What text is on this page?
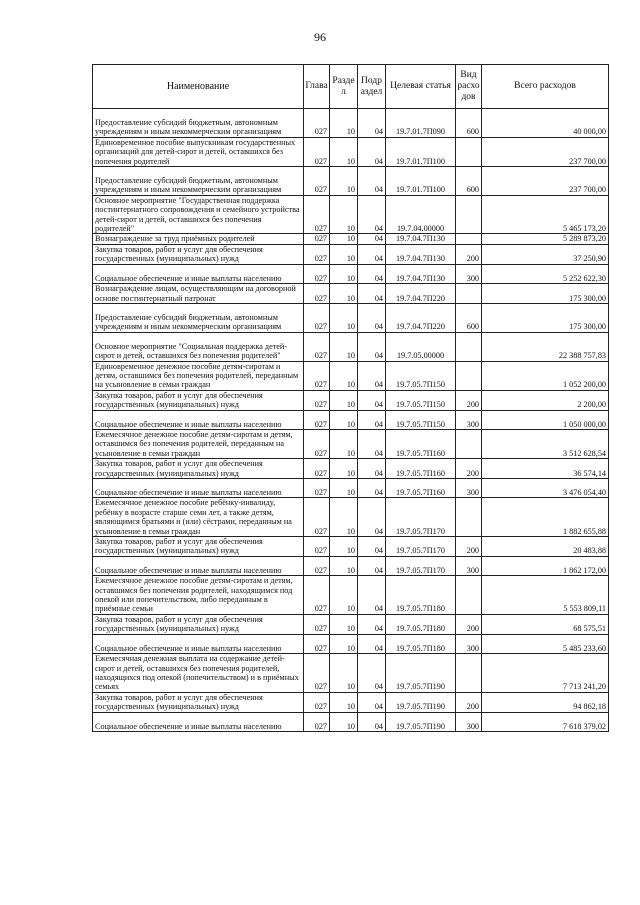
96
Наименование	Глава	Разде л	Подр аздел	Целевая статья	Вид расхо дов	Всего расходов
Предоставление субсидий бюджетным, автономным учреждениям и иным некоммерческим организациям	027	10	04	19.7.01.7П090	600	40 000,00
Единовременное пособие выпускникам государственных организаций для детей-сирот и детей, оставшихся без попечения родителей	027	10	04	19.7.01.7П100		237 700,00
Предоставление субсидий бюджетным, автономным учреждениям и иным некоммерческим организациям	027	10	04	19.7.01.7П100	600	237 700,00
Основное мероприятие "Государственная поддержка постинтернатного сопровождения и семейного устройства детей-сирот и детей, оставшихся без попечения родителей"	027	10	04	19.7.04.00000		5 465 173,20
Вознаграждение за труд приёмных родителей	027	10	04	19.7.04.7П130		5 289 873,20
Закупка товаров, работ и услуг для обеспечения государственных (муниципальных) нужд	027	10	04	19.7.04.7П130	200	37 250,90
Социальное обеспечение и иные выплаты населению	027	10	04	19.7.04.7П130	300	5 252 622,30
Вознаграждение лицам, осуществляющим на договорной основе постинтернатный патронат	027	10	04	19.7.04.7П220		175 300,00
Предоставление субсидий бюджетным, автономным учреждениям и иным некоммерческим организациям	027	10	04	19.7.04.7П220	600	175 300,00
Основное мероприятие "Социальная поддержка детей-сирот и детей, оставшихся без попечения родителей"	027	10	04	19.7.05.00000		22 388 757,83
Единовременное денежное пособие детям-сиротам и детям, оставшимся без попечения родителей, переданным на усыновление в семьи граждан	027	10	04	19.7.05.7П150		1 052 200,00
Закупка товаров, работ и услуг для обеспечения государственных (муниципальных) нужд	027	10	04	19.7.05.7П150	200	2 200,00
Социальное обеспечение и иные выплаты населению	027	10	04	19.7.05.7П150	300	1 050 000,00
Ежемесячное денежное пособие детям-сиротам и детям, оставшимся без попечения родителей, переданным на усыновление в семьи граждан	027	10	04	19.7.05.7П160		3 512 628,54
Закупка товаров, работ и услуг для обеспечения государственных (муниципальных) нужд	027	10	04	19.7.05.7П160	200	36 574,14
Социальное обеспечение и иные выплаты населению	027	10	04	19.7.05.7П160	300	3 476 054,40
Ежемесячное денежное пособие ребёнку-инвалиду, ребёнку в возрасте старше семи лет, а также детям, являющимся братьями и (или) сёстрами, переданным на усыновление в семьи граждан	027	10	04	19.7.05.7П170		1 882 655,88
Закупка товаров, работ и услуг для обеспечения государственных (муниципальных) нужд	027	10	04	19.7.05.7П170	200	20 483,88
Социальное обеспечение и иные выплаты населению	027	10	04	19.7.05.7П170	300	1 862 172,00
Ежемесячное денежное пособие детям-сиротам и детям, оставшимся без попечения родителей, находящимся под опекой или попечительством, либо переданным в приёмные семьи	027	10	04	19.7.05.7П180		5 553 809,11
Закупка товаров, работ и услуг для обеспечения государственных (муниципальных) нужд	027	10	04	19.7.05.7П180	200	68 575,51
Социальное обеспечение и иные выплаты населению	027	10	04	19.7.05.7П180	300	5 485 233,60
Ежемесячная денежная выплата на содержание детей-сирот и детей, оставшихся без попечения родителей, находящихся под опекой (попечительством) и в приёмных семьях	027	10	04	19.7.05.7П190		7 713 241,20
Закупка товаров, работ и услуг для обеспечения государственных (муниципальных) нужд	027	10	04	19.7.05.7П190	200	94 862,18
Социальное обеспечение и иные выплаты населению	027	10	04	19.7.05.7П190	300	7 618 379,02
